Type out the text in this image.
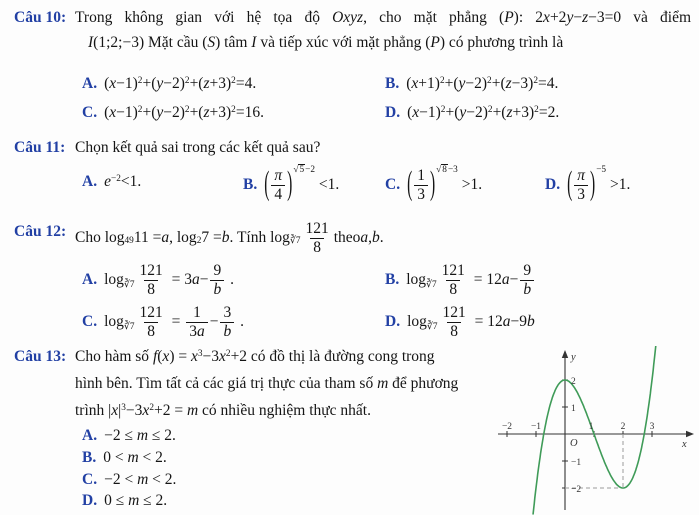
Câu 10: Trong không gian với hệ tọa độ Oxyz, cho mặt phẳng (P): 2x+2y−z−3=0 và điểm
I(1;2;−3) Mặt cầu (S) tâm I và tiếp xúc với mặt phẳng (P) có phương trình là
A. $(x-1)^2+(y-2)^2+(z+3)^2=4$.	B. $(x+1)^2+(y-2)^2+(z-3)^2=4$.
C. $(x-1)^2+(y-2)^2+(z+3)^2=16$.	D. $(x-1)^2+(y-2)^2+(z+3)^2=2$.
Câu 11: Chọn kết quả sai trong các kết quả sau?
A. $e^{-2}<1$.	B. ( $\frac{\pi}{4} )^{√5-2} <1$.	C. ( $\frac{1}{3} )^{√8-3} >1$.	D. ( $\frac{\pi}{3} )^{-5} >1$.
Câu 12: Cho $\log_{49} 11 = a$ , $\log_2 7 = b$ . Tính $\log_{∛7} \frac{121}{8}$ theo a , b .
A. $\log_{∛7} \frac{121}{8} = 3a- \frac{9}{b}$ .	B. $\log_{∛7} \frac{121}{8} = 12a- \frac{9}{b}$
C. $\log_{∛7} \frac{121}{8} = \frac{1}{3a} - \frac{3}{b}$ .	D. $\log_{∛7} \frac{121}{8} = 12a-9b$
Câu 13: Cho hàm số $f(x) = x^3-3x^2+2$ có đồ thị là đường cong trong
hình bên. Tìm tất cả các giá trị thực của tham số m để phương
trình $|x|^3-3x^2+2 = m$ có nhiều nghiệm thực nhất.
A. −2 ≤ m ≤ 2.
B. 0 < m < 2.
C. −2 < m < 2.
D. 0 ≤ m ≤ 2.
−2 −1	1	2	3
2
1
−1
−2
O
y
x
